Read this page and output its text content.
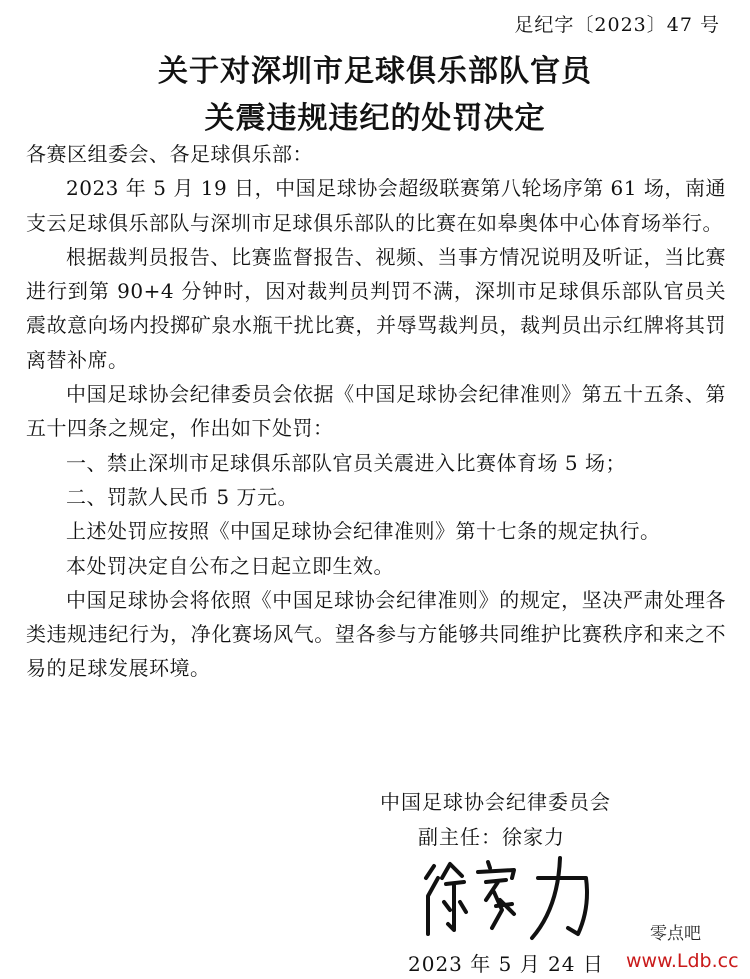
足纪字〔2023〕47 号
关于对深圳市足球俱乐部队官员
关震违规违纪的处罚决定

各赛区组委会、各足球俱乐部：

2023 年 5 月 19 日，中国足球协会超级联赛第八轮场序第 61 场，南通支云足球俱乐部队与深圳市足球俱乐部队的比赛在如皋奥体中心体育场举行。

根据裁判员报告、比赛监督报告、视频、当事方情况说明及听证，当比赛进行到第 90+4 分钟时，因对裁判员判罚不满，深圳市足球俱乐部队官员关震故意向场内投掷矿泉水瓶干扰比赛，并辱骂裁判员，裁判员出示红牌将其罚离替补席。

中国足球协会纪律委员会依据《中国足球协会纪律准则》第五十五条、第五十四条之规定，作出如下处罚：

一、禁止深圳市足球俱乐部队官员关震进入比赛体育场 5 场；

二、罚款人民币 5 万元。

上述处罚应按照《中国足球协会纪律准则》第十七条的规定执行。

本处罚决定自公布之日起立即生效。

中国足球协会将依照《中国足球协会纪律准则》的规定，坚决严肃处理各类违规违纪行为，净化赛场风气。望各参与方能够共同维护比赛秩序和来之不易的足球发展环境。

中国足球协会纪律委员会
副主任：徐家力
2023 年 5 月 24 日
零点吧
www.Ldb.cc
